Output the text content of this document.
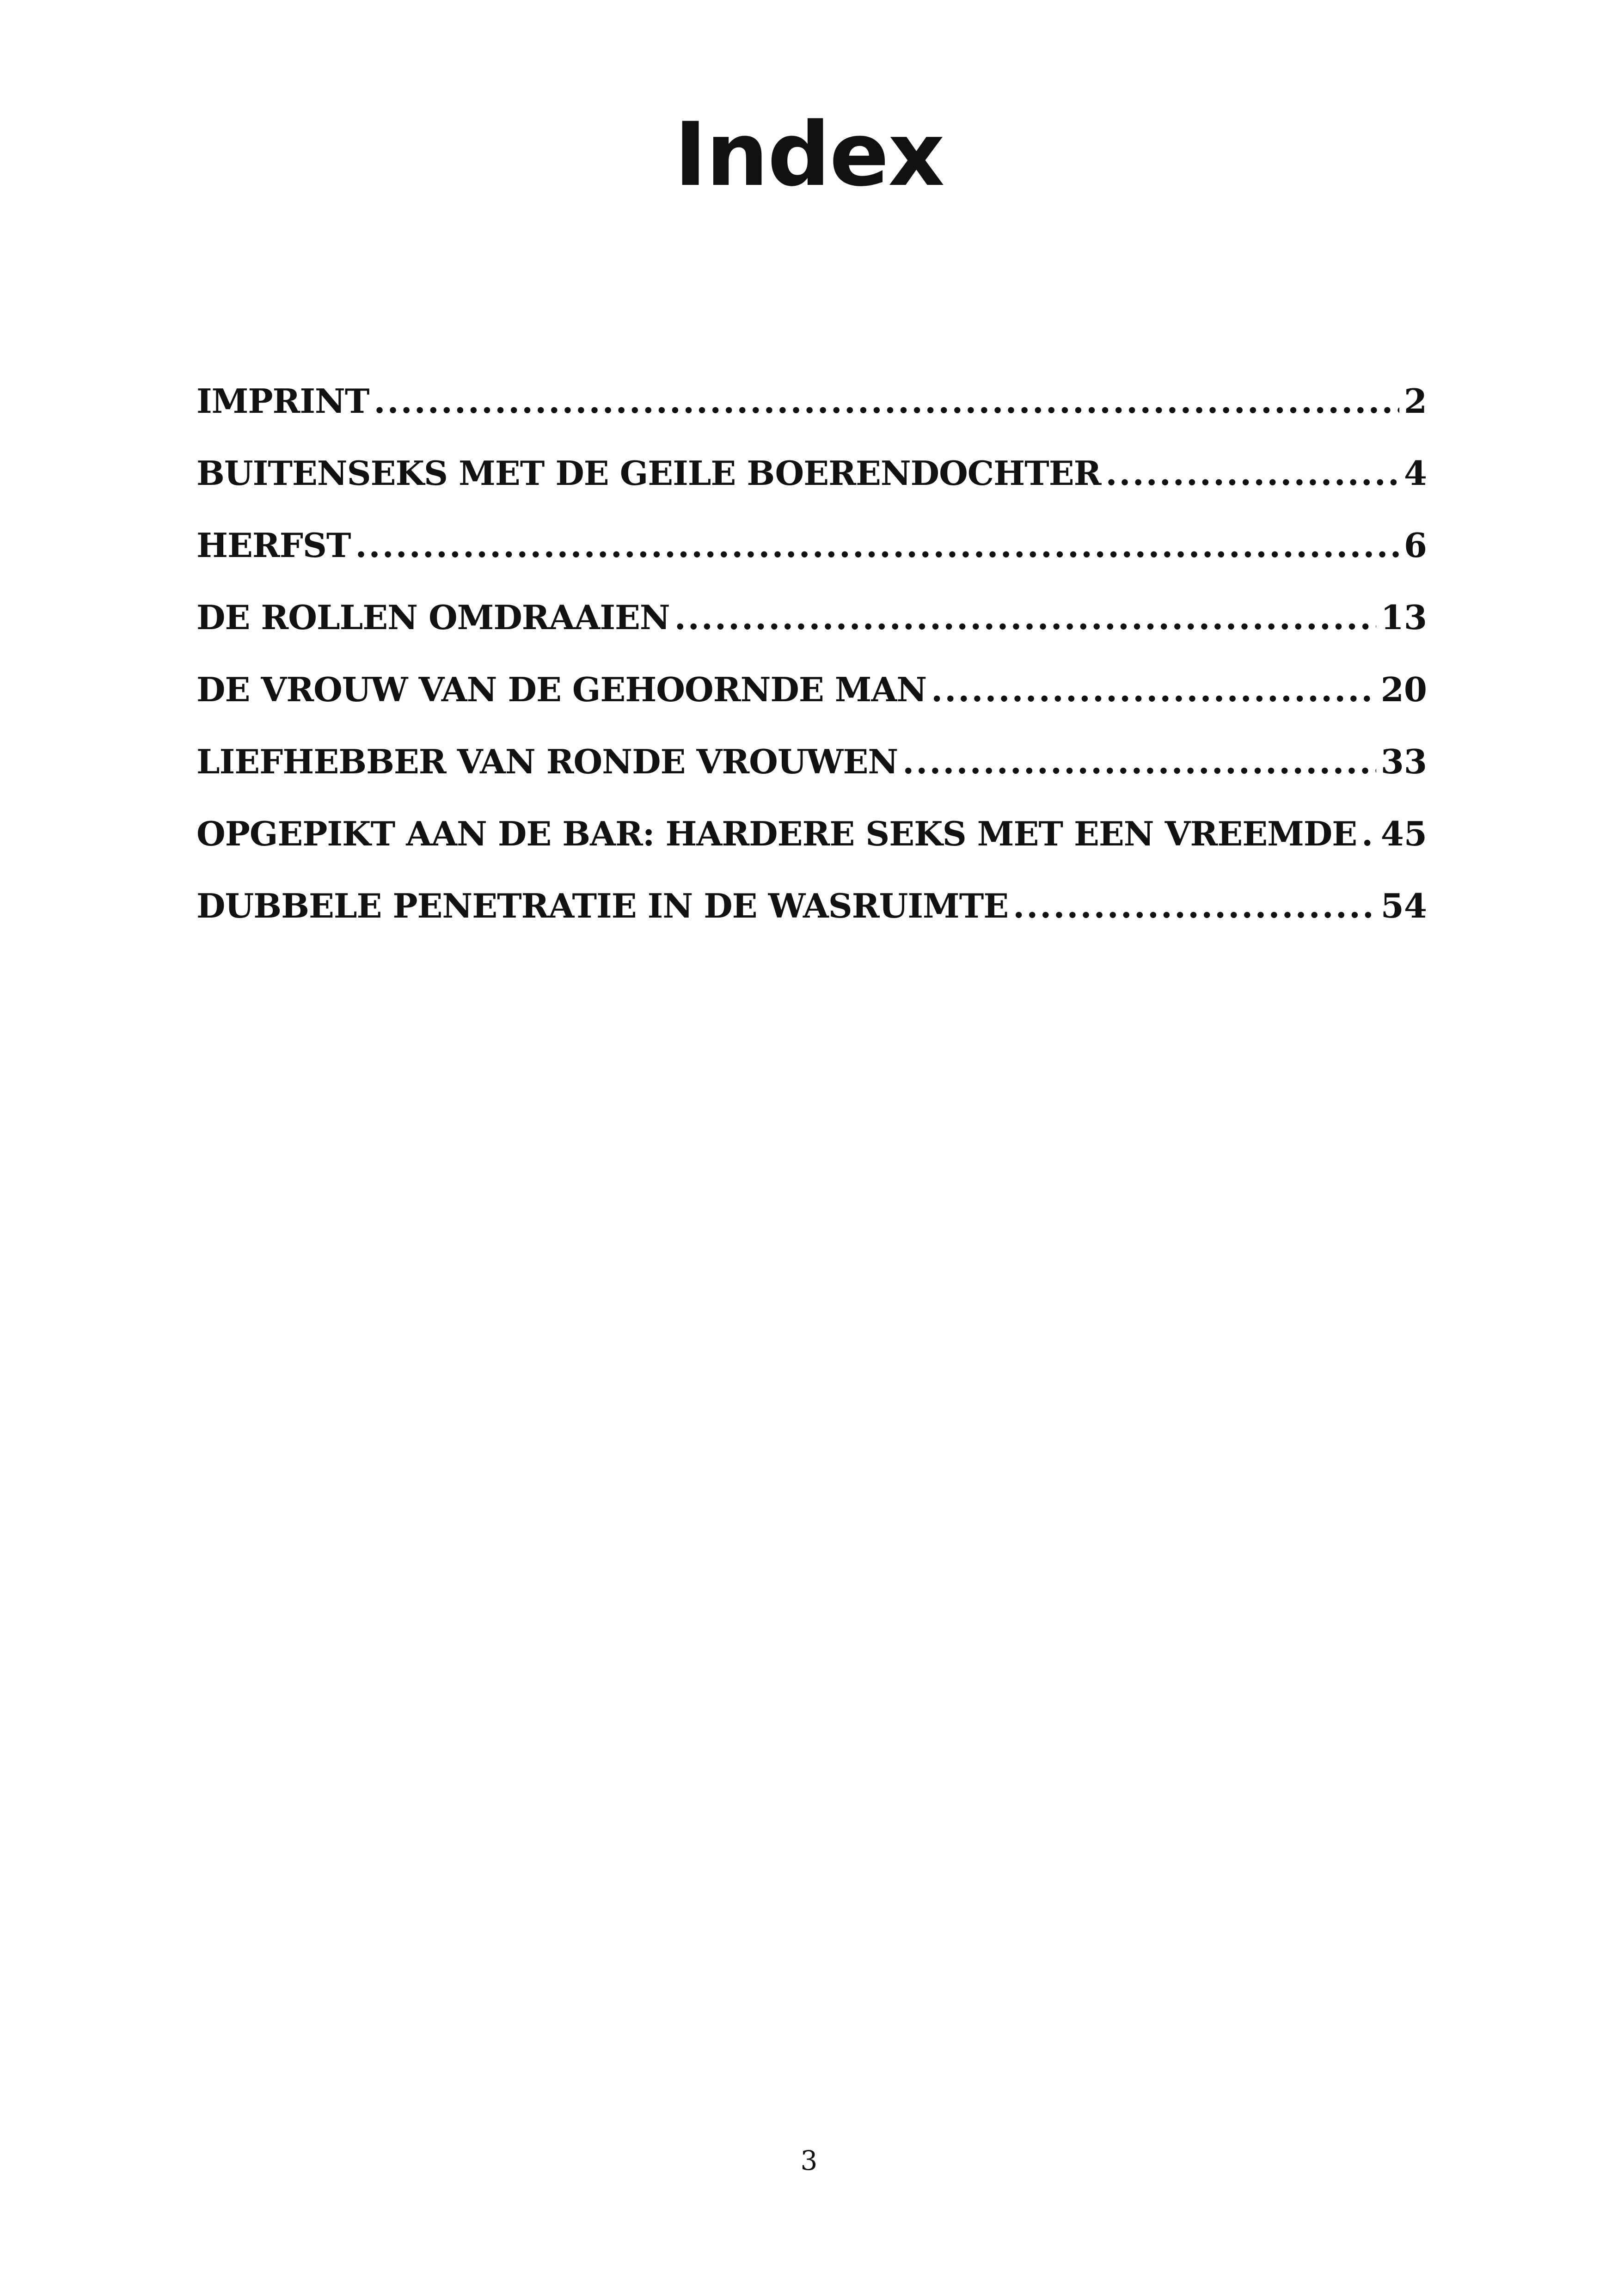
Index
IMPRINT .....	2
BUITENSEKS MET DE GEILE BOERENDOCHTER .....	4
HERFST .....	6
DE ROLLEN OMDRAAIEN .....	13
DE VROUW VAN DE GEHOORNDE MAN .....	20
LIEFHEBBER VAN RONDE VROUWEN .....	33
OPGEPIKT AAN DE BAR: HARDERE SEKS MET EEN VREEMDE ..... 45
DUBBELE PENETRATIE IN DE WASRUIMTE .....	54

3
